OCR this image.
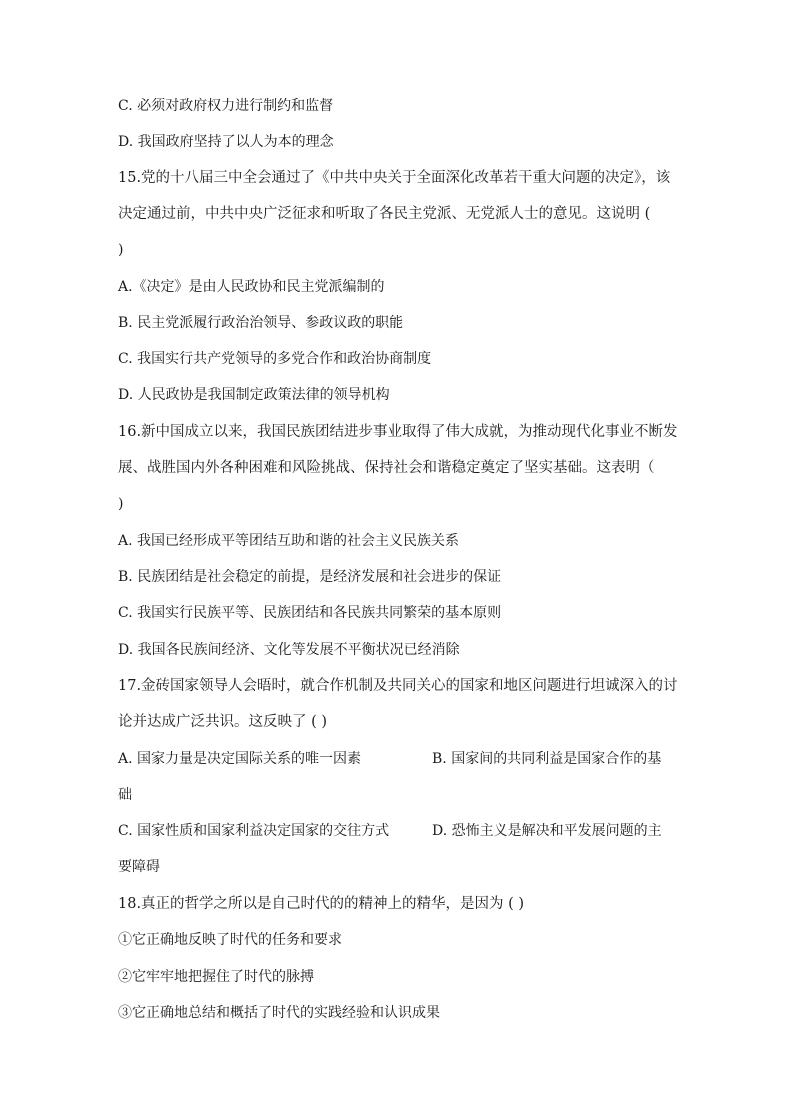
C. 必须对政府权力进行制约和监督
D. 我国政府坚持了以人为本的理念
15.党的十八届三中全会通过了《中共中央关于全面深化改革若干重大问题的决定》，该
决定通过前，中共中央广泛征求和听取了各民主党派、无党派人士的意见。这说明 (
)
A.《决定》是由人民政协和民主党派编制的
B. 民主党派履行政治治领导、参政议政的职能
C. 我国实行共产党领导的多党合作和政治协商制度
D. 人民政协是我国制定政策法律的领导机构
16.新中国成立以来，我国民族团结进步事业取得了伟大成就，为推动现代化事业不断发
展、战胜国内外各种困难和风险挑战、保持社会和谐稳定奠定了坚实基础。这表明（
)
A. 我国已经形成平等团结互助和谐的社会主义民族关系
B. 民族团结是社会稳定的前提，是经济发展和社会进步的保证
C. 我国实行民族平等、民族团结和各民族共同繁荣的基本原则
D. 我国各民族间经济、文化等发展不平衡状况已经消除
17.金砖国家领导人会晤时，就合作机制及共同关心的国家和地区问题进行坦诚深入的讨
论并达成广泛共识。这反映了 ( )
A. 国家力量是决定国际关系的唯一因素	B. 国家间的共同利益是国家合作的基
础
C. 国家性质和国家利益决定国家的交往方式	D. 恐怖主义是解决和平发展问题的主
要障碍
18.真正的哲学之所以是自己时代的的精神上的精华，是因为 ( )
①它正确地反映了时代的任务和要求
②它牢牢地把握住了时代的脉搏
③它正确地总结和概括了时代的实践经验和认识成果
